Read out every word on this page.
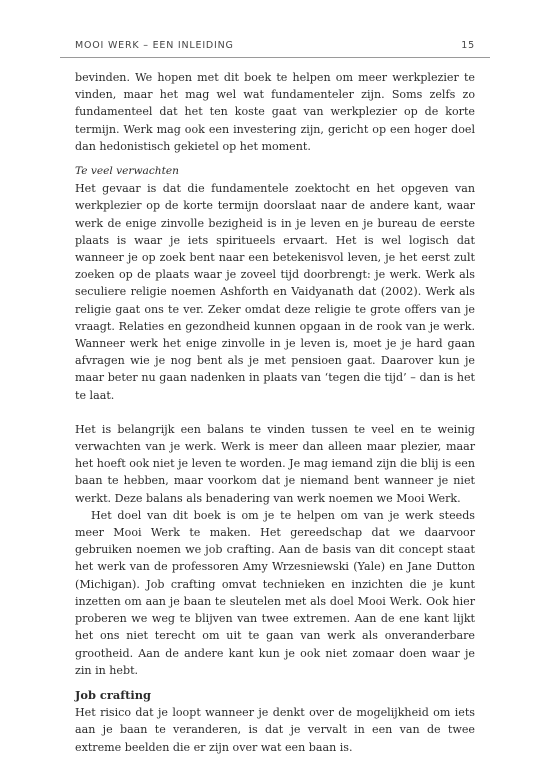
MOOI WERK – EEN INLEIDING	15

bevinden. We hopen met dit boek te helpen om meer werkplezier te vinden, maar het mag wel wat fundamenteler zijn. Soms zelfs zo fundamenteel dat het ten koste gaat van werkplezier op de korte termijn. Werk mag ook een investering zijn, gericht op een hoger doel dan hedonistisch gekietel op het moment.

Te veel verwachten

Het gevaar is dat die fundamentele zoektocht en het opgeven van werkplezier op de korte termijn doorslaat naar de andere kant, waar werk de enige zinvolle bezigheid is in je leven en je bureau de eerste plaats is waar je iets spiritueels ervaart. Het is wel logisch dat wanneer je op zoek bent naar een betekenisvol leven, je het eerst zult zoeken op de plaats waar je zoveel tijd doorbrengt: je werk. Werk als seculiere religie noemen Ashforth en Vaidyanath dat (2002). Werk als religie gaat ons te ver. Zeker omdat deze religie te grote offers van je vraagt. Relaties en gezondheid kunnen opgaan in de rook van je werk. Wanneer werk het enige zinvolle in je leven is, moet je je hard gaan afvragen wie je nog bent als je met pensioen gaat. Daarover kun je maar beter nu gaan nadenken in plaats van ‘tegen die tijd’ – dan is het te laat.

Het is belangrijk een balans te vinden tussen te veel en te weinig verwachten van je werk. Werk is meer dan alleen maar plezier, maar het hoeft ook niet je leven te worden. Je mag iemand zijn die blij is een baan te hebben, maar voorkom dat je niemand bent wanneer je niet werkt. Deze balans als benadering van werk noemen we Mooi Werk.

Het doel van dit boek is om je te helpen om van je werk steeds meer Mooi Werk te maken. Het gereedschap dat we daarvoor gebruiken noemen we job crafting. Aan de basis van dit concept staat het werk van de professoren Amy Wrzesniewski (Yale) en Jane Dutton (Michigan). Job crafting omvat technieken en inzichten die je kunt inzetten om aan je baan te sleutelen met als doel Mooi Werk. Ook hier proberen we weg te blijven van twee extremen. Aan de ene kant lijkt het ons niet terecht om uit te gaan van werk als onveranderbare grootheid. Aan de andere kant kun je ook niet zomaar doen waar je zin in hebt.

Job crafting

Het risico dat je loopt wanneer je denkt over de mogelijkheid om iets aan je baan te veranderen, is dat je vervalt in een van de twee extreme beelden die er zijn over wat een baan is.
